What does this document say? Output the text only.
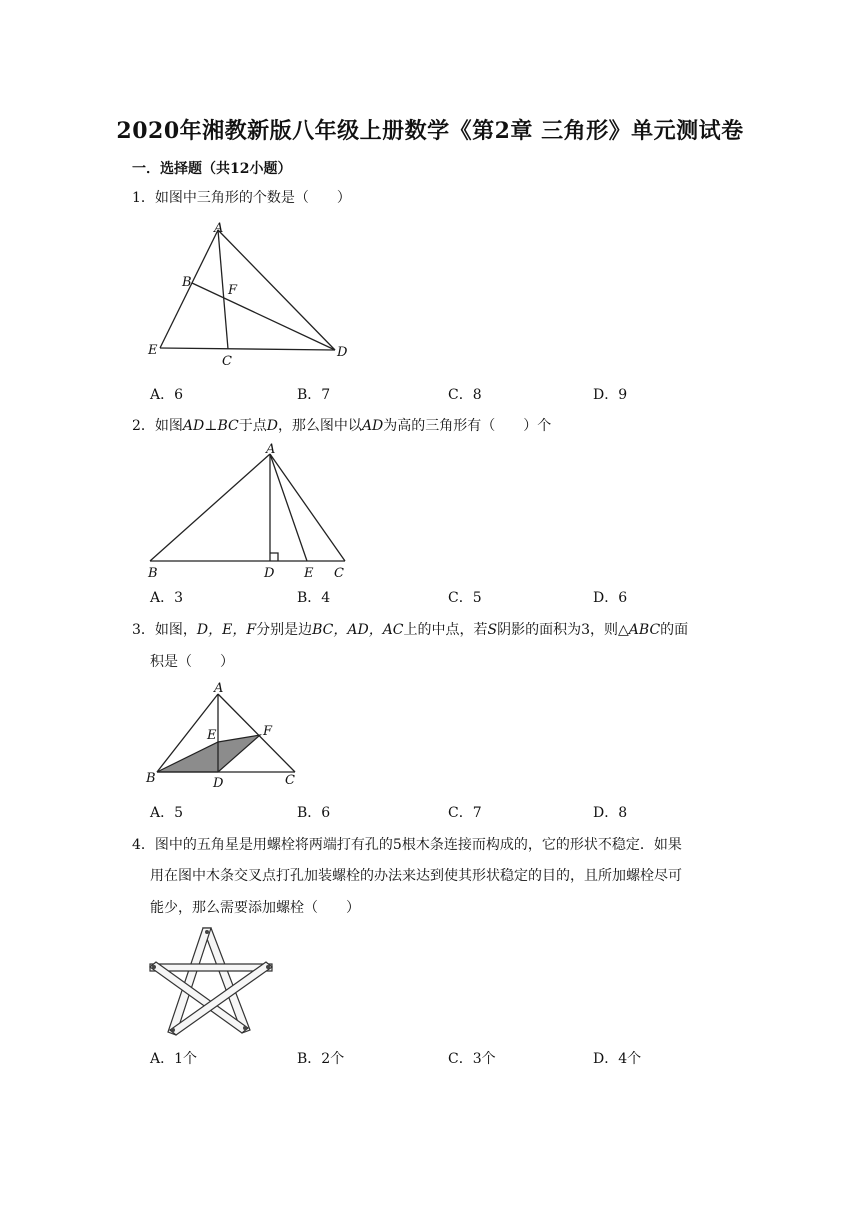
2020年湘教新版八年级上册数学《第2章 三角形》单元测试卷
一．选择题（共12小题）
1．如图中三角形的个数是（　　）
A
B
F
E
C
D
A．6	B．7	C．8	D．9
2．如图AD⊥BC于点D，那么图中以AD为高的三角形有（　　）个
A
B	D E C
A．3	B．4	C．5	D．6
3．如图，D，E，F分别是边BC，AD，AC上的中点，若S阴影的面积为3，则△ABC的面
积是（　　）
A
E	F
B	D	C
A．5	B．6	C．7	D．8
4．图中的五角星是用螺栓将两端打有孔的5根木条连接而构成的，它的形状不稳定．如果
用在图中木条交叉点打孔加装螺栓的办法来达到使其形状稳定的目的，且所加螺栓尽可
能少，那么需要添加螺栓（　　）
A．1个	B．2个	C．3个	D．4个
